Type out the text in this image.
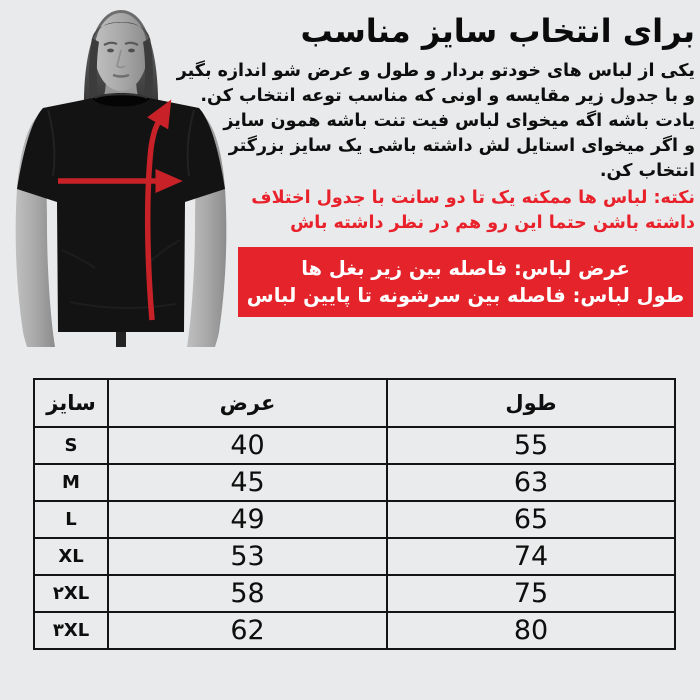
برای انتخاب سایز مناسب
یکی از لباس های خودتو بردار و طول و عرض شو اندازه بگیر
و با جدول زیر مقایسه و اونی که مناسب توعه انتخاب کن.
یادت باشه اگه میخوای لباس فیت تنت باشه همون سایز
و اگر میخوای استایل لش داشته باشی یک سایز بزرگتر
انتخاب کن.
نکته: لباس ها ممکنه یک تا دو سانت با جدول اختلاف
داشته باشن حتما این رو هم در نظر داشته باش
عرض لباس: فاصله بین زیر بغل ها
طول لباس: فاصله بین سرشونه تا پایین لباس
سایز	عرض	طول
S	40	55
M	45	63
L	49	65
XL	53	74
۲XL	58	75
۳XL	62	80
